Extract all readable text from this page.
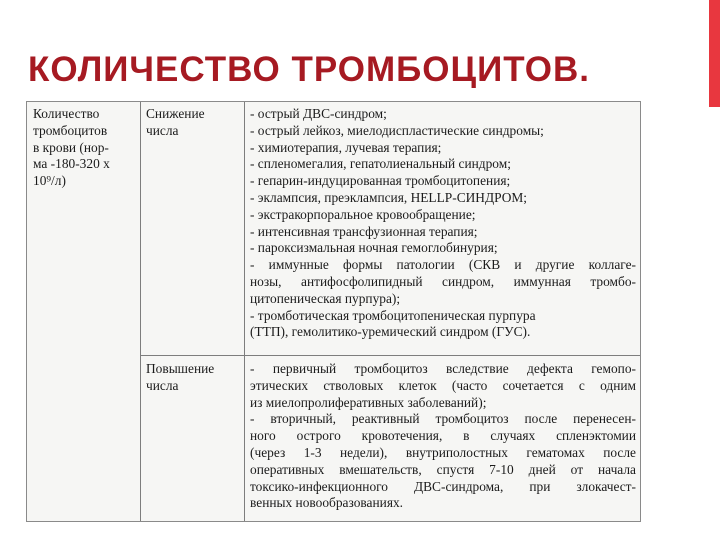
КОЛИЧЕСТВО ТРОМБОЦИТОВ.
Количество
тромбоцитов
в крови (нор-
ма -180-320 х
10⁹/л)
Снижение
числа
- острый ДВС-синдром;
- острый лейкоз, миелодиспластические синдромы;
- химиотерапия, лучевая терапия;
- спленомегалия, гепатолиенальный синдром;
- гепарин-индуцированная тромбоцитопения;
- эклампсия, преэклампсия, HELLP-СИНДРОМ;
- экстракорпоральное кровообращение;
- интенсивная трансфузионная терапия;
- пароксизмальная ночная гемоглобинурия;
- иммунные формы патологии (СКВ и другие коллаге-
нозы, антифосфолипидный синдром, иммунная тромбо-
цитопеническая пурпура);
- тромботическая тромбоцитопеническая пурпура
(ТТП), гемолитико-уремический синдром (ГУС).
Повышение
числа
- первичный тромбоцитоз вследствие дефекта гемопо-
этических стволовых клеток (часто сочетается с одним
из миелопролиферативных заболеваний);
- вторичный, реактивный тромбоцитоз после перенесен-
ного острого кровотечения, в случаях спленэктомии
(через 1-3 недели), внутриполостных гематомах после
оперативных вмешательств, спустя 7-10 дней от начала
токсико-инфекционного ДВС-синдрома, при злокачест-
венных новообразованиях.
